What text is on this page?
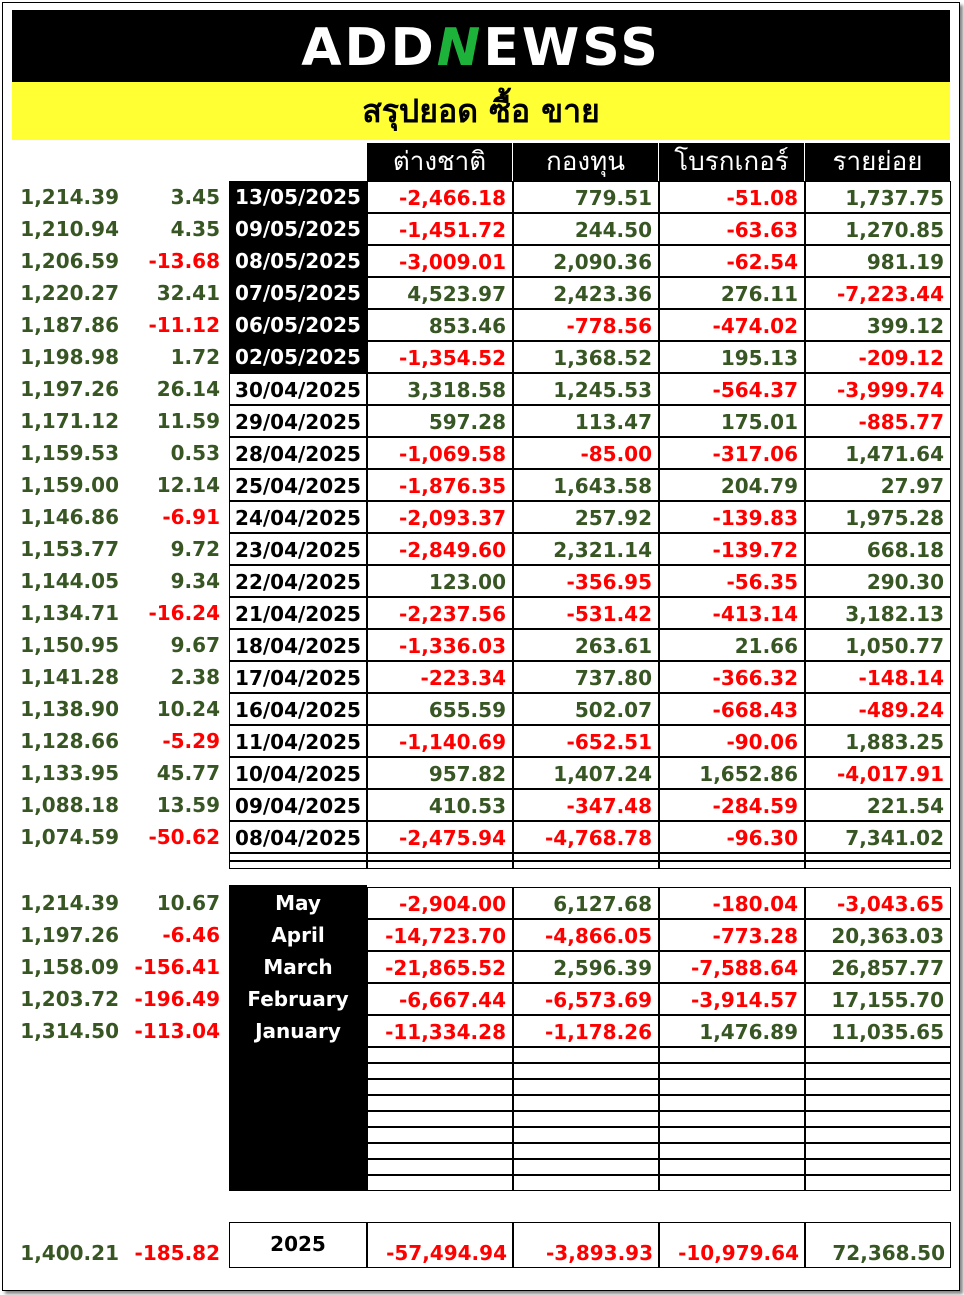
ADDNEWSS
สรุปยอด ซื้อ ขาย
ต่างชาติ	กองทุน	โบรกเกอร์	รายย่อย
1,214.39	3.45 13/05/2025	-2,466.18	779.51	-51.08	1,737.75
1,210.94	4.35 09/05/2025	-1,451.72	244.50	-63.63	1,270.85
1,206.59	-13.68 08/05/2025	-3,009.01	2,090.36	-62.54	981.19
1,220.27	32.41 07/05/2025	4,523.97	2,423.36	276.11	-7,223.44
1,187.86	-11.12 06/05/2025	853.46	-778.56	-474.02	399.12
1,198.98	1.72 02/05/2025	-1,354.52	1,368.52	195.13	-209.12
1,197.26	26.14 30/04/2025	3,318.58	1,245.53	-564.37	-3,999.74
1,171.12	11.59 29/04/2025	597.28	113.47	175.01	-885.77
1,159.53	0.53 28/04/2025	-1,069.58	-85.00	-317.06	1,471.64
1,159.00	12.14 25/04/2025	-1,876.35	1,643.58	204.79	27.97
1,146.86	-6.91 24/04/2025	-2,093.37	257.92	-139.83	1,975.28
1,153.77	9.72 23/04/2025	-2,849.60	2,321.14	-139.72	668.18
1,144.05	9.34 22/04/2025	123.00	-356.95	-56.35	290.30
1,134.71	-16.24 21/04/2025	-2,237.56	-531.42	-413.14	3,182.13
1,150.95	9.67 18/04/2025	-1,336.03	263.61	21.66	1,050.77
1,141.28	2.38 17/04/2025	-223.34	737.80	-366.32	-148.14
1,138.90	10.24 16/04/2025	655.59	502.07	-668.43	-489.24
1,128.66	-5.29 11/04/2025	-1,140.69	-652.51	-90.06	1,883.25
1,133.95	45.77 10/04/2025	957.82	1,407.24	1,652.86	-4,017.91
1,088.18	13.59 09/04/2025	410.53	-347.48	-284.59	221.54
1,074.59	-50.62 08/04/2025	-2,475.94	-4,768.78	-96.30	7,341.02
1,214.39	10.67	May	-2,904.00	6,127.68	-180.04	-3,043.65
1,197.26	-6.46	April	-14,723.70	-4,866.05	-773.28	20,363.03
1,158.09 -156.41	March	-21,865.52	2,596.39	-7,588.64	26,857.77
1,203.72 -196.49	February	-6,667.44	-6,573.69	-3,914.57	17,155.70
1,314.50 -113.04	January	-11,334.28	-1,178.26	1,476.89	11,035.65
1,400.21 -185.82	2025	-57,494.94	-3,893.93	-10,979.64	72,368.50
